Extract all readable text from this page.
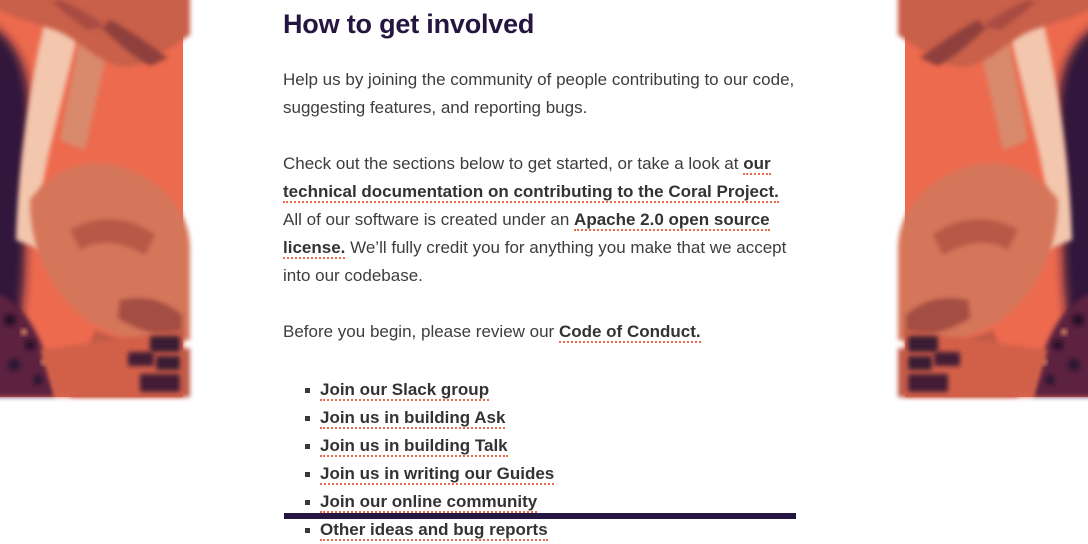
How to get involved

Help us by joining the community of people contributing to our code, suggesting features, and reporting bugs.

Check out the sections below to get started, or take a look at our technical documentation on contributing to the Coral Project. All of our software is created under an Apache 2.0 open source license. We’ll fully credit you for anything you make that we accept into our codebase.

Before you begin, please review our Code of Conduct.

Join our Slack group
Join us in building Ask
Join us in building Talk
Join us in writing our Guides
Join our online community
Other ideas and bug reports
